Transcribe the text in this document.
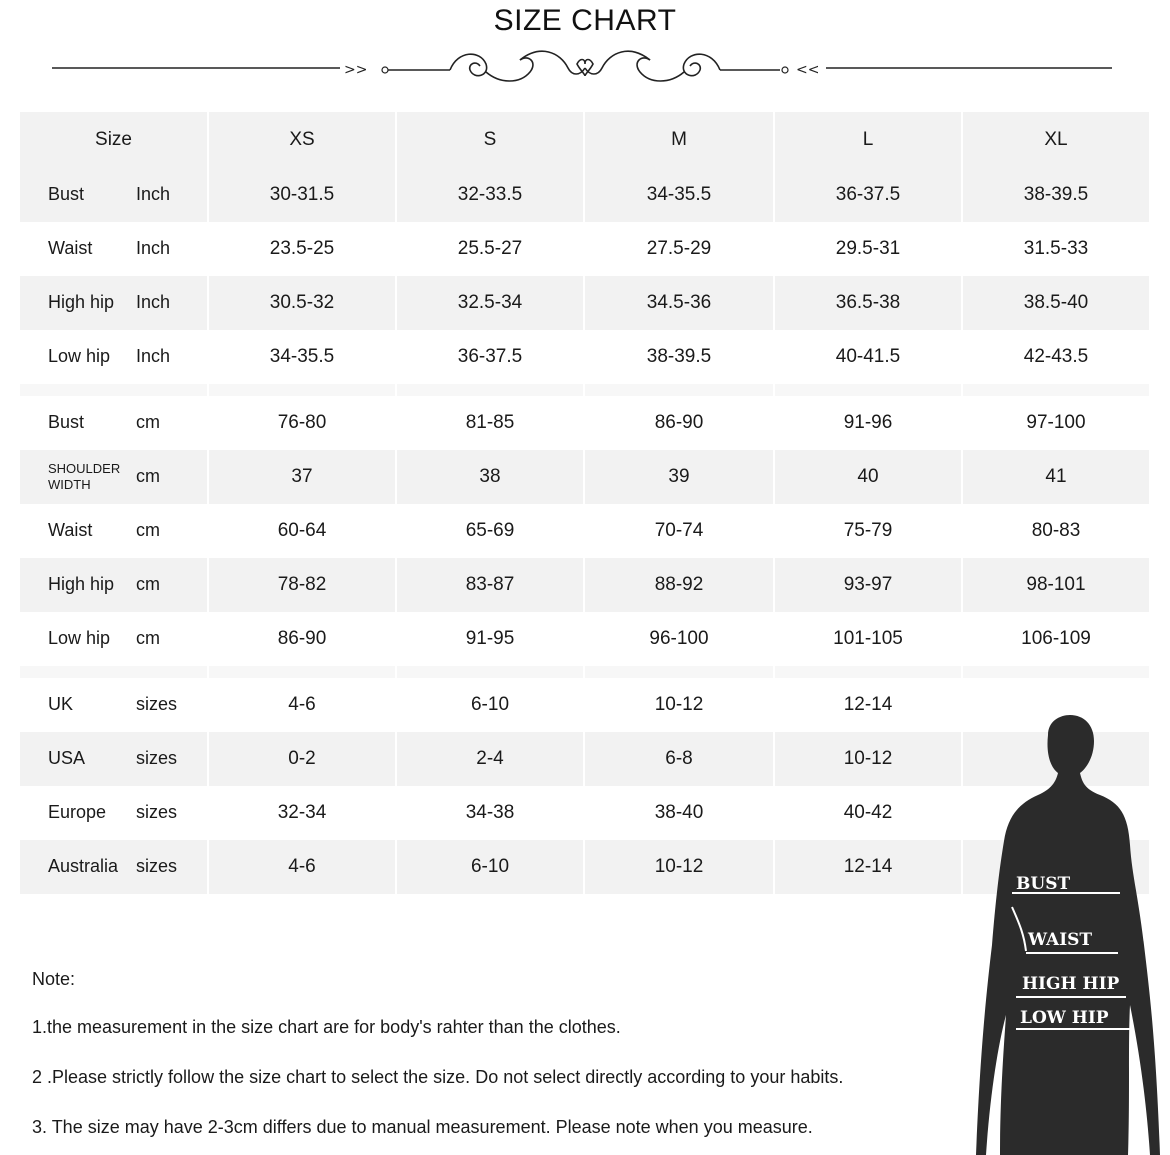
SIZE CHART
>>	<<
Size	XS	S	M	L	XL
Bust Inch	30-31.5	32-33.5	34-35.5	36-37.5	38-39.5
Waist Inch	23.5-25	25.5-27	27.5-29	29.5-31	31.5-33
High hip Inch	30.5-32	32.5-34	34.5-36	36.5-38	38.5-40
Low hip Inch	34-35.5	36-37.5	38-39.5	40-41.5	42-43.5

Bust cm	76-80	81-85	86-90	91-96	97-100
SHOULDER WIDTH cm	37	38	39	40	41
Waist cm	60-64	65-69	70-74	75-79	80-83
High hip cm	78-82	83-87	88-92	93-97	98-101
Low hip cm	86-90	91-95	96-100	101-105	106-109

UK sizes	4-6	6-10	10-12	12-14	
USA sizes	0-2	2-4	6-8	10-12	
Europe sizes	32-34	34-38	38-40	40-42	
Australia sizes	4-6	6-10	10-12	12-14	
BUST
WAIST
HIGH HIP
LOW HIP

Note:

1.the measurement in the size chart are for body's rahter than the clothes.

2 .Please strictly follow the size chart to select the size. Do not select directly according to your habits.

3. The size may have 2-3cm differs due to manual measurement. Please note when you measure.
